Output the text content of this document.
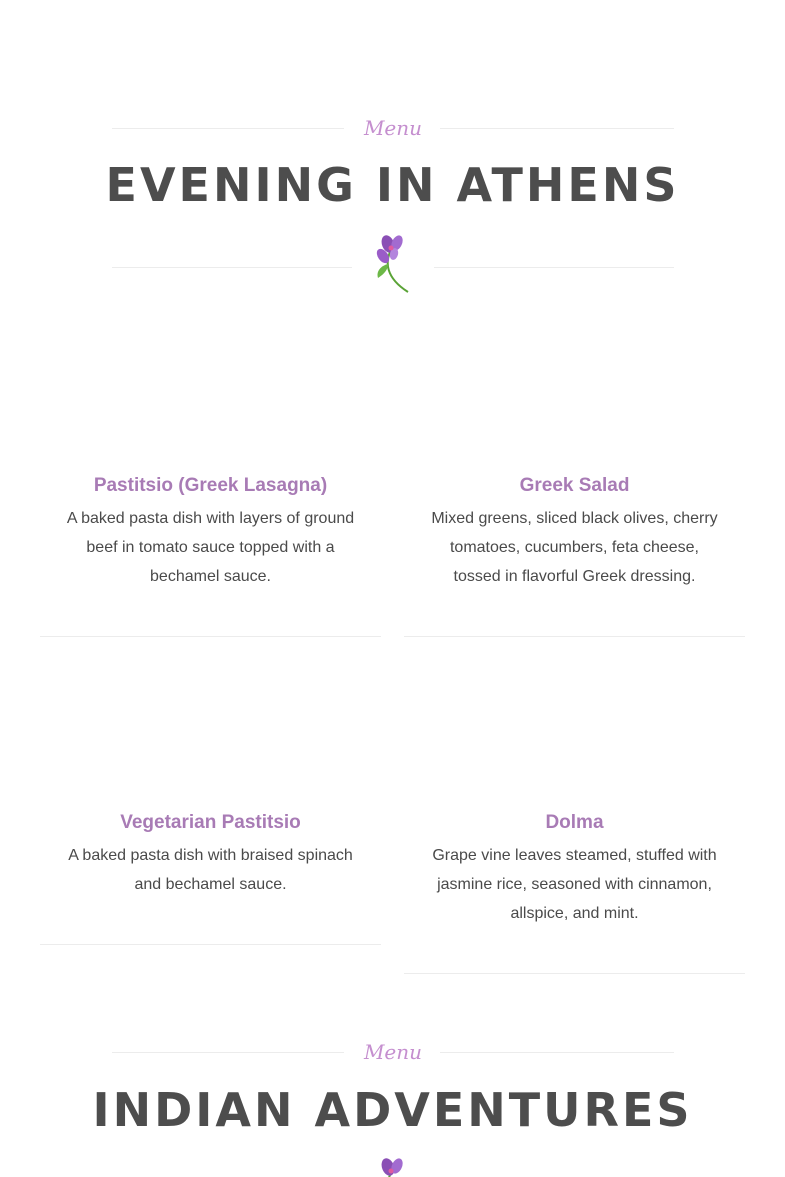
Menu
EVENING IN ATHENS
Pastitsio (Greek Lasagna)
A baked pasta dish with layers of ground beef in tomato sauce topped with a bechamel sauce.
Greek Salad
Mixed greens, sliced black olives, cherry tomatoes, cucumbers, feta cheese, tossed in flavorful Greek dressing.
Vegetarian Pastitsio
A baked pasta dish with braised spinach and bechamel sauce.
Dolma
Grape vine leaves steamed, stuffed with jasmine rice, seasoned with cinnamon, allspice, and mint.
Menu
INDIAN ADVENTURES
